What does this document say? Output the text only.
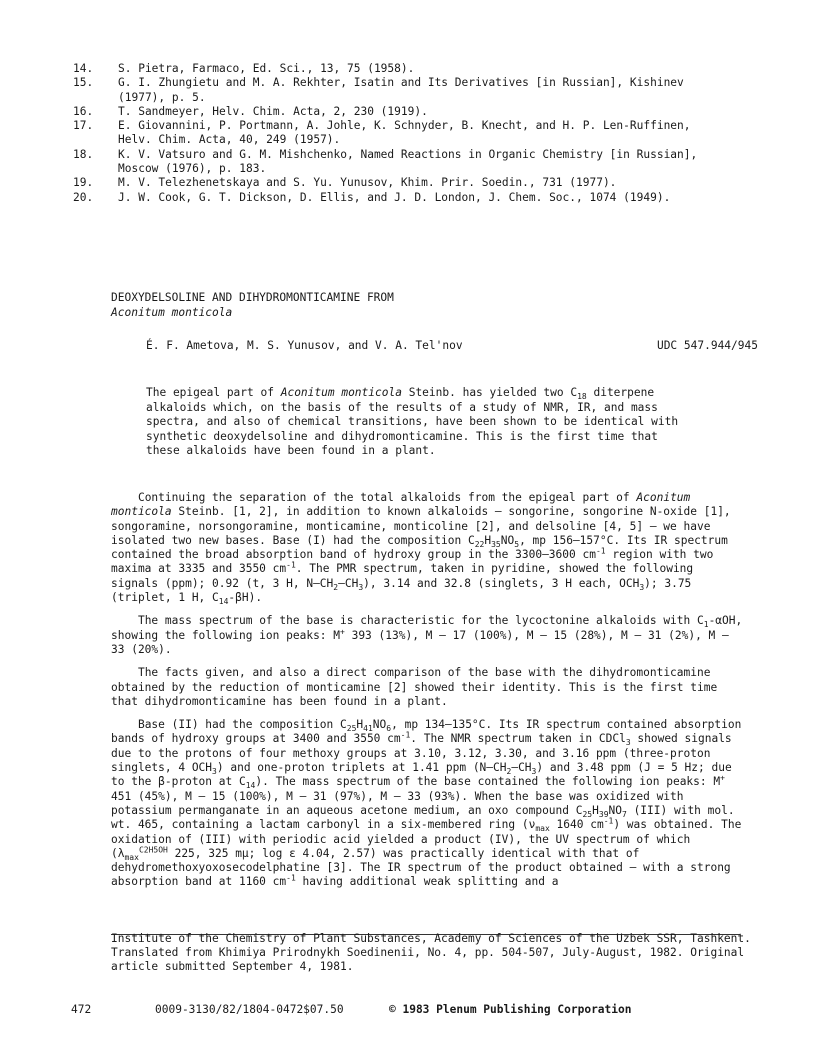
14.	S. Pietra, Farmaco, Ed. Sci., 13, 75 (1958).
15.	G. I. Zhungietu and M. A. Rekhter, Isatin and Its Derivatives [in Russian], Kishinev
(1977), p. 5.
16.	T. Sandmeyer, Helv. Chim. Acta, 2, 230 (1919).
17.	E. Giovannini, P. Portmann, A. Johle, K. Schnyder, B. Knecht, and H. P. Len-Ruffinen,
Helv. Chim. Acta, 40, 249 (1957).
18.	K. V. Vatsuro and G. M. Mishchenko, Named Reactions in Organic Chemistry [in Russian],
Moscow (1976), p. 183.
19.	M. V. Telezhenetskaya and S. Yu. Yunusov, Khim. Prir. Soedin., 731 (1977).
20.	J. W. Cook, G. T. Dickson, D. Ellis, and J. D. London, J. Chem. Soc., 1074 (1949).
DEOXYDELSOLINE AND DIHYDROMONTICAMINE FROM
Aconitum monticola
É. F. Ametova, M. S. Yunusov, and V. A. Tel'nov	UDC 547.944/945
The epigeal part of Aconitum monticola Steinb. has yielded two $C_{18}$ diterpene alkaloids which, on the basis of the results of a study of NMR, IR, and mass spectra, and also of chemical transitions, have been shown to be identical with synthetic deoxydelsoline and dihydromonticamine. This is the first time that these alkaloids have been found in a plant.

Continuing the separation of the total alkaloids from the epigeal part of Aconitum monticola Steinb. [1, 2], in addition to known alkaloids — songorine, songorine N-oxide [1], songoramine, norsongoramine, monticamine, monticoline [2], and delsoline [4, 5] — we have isolated two new bases. Base (I) had the composition $C_{22}H_{35}NO_5$, mp 156–157°C. Its IR spectrum contained the broad absorption band of hydroxy group in the 3300–3600 $cm^{-1}$ region with two maxima at 3335 and 3550 $cm^{-1}$. The PMR spectrum, taken in pyridine, showed the following signals (ppm); 0.92 (t, 3 H, $N—CH_2—CH_3$), 3.14 and 32.8 (singlets, 3 H each, $OCH_3$); 3.75 (triplet, 1 H, $C_{14}-\beta H$).

The mass spectrum of the base is characteristic for the lycoctonine alkaloids with $C_1$-αOH, showing the following ion peaks: M+ 393 (13%), M — 17 (100%), M — 15 (28%), M — 31 (2%), M — 33 (20%).

The facts given, and also a direct comparison of the base with the dihydromonticamine obtained by the reduction of monticamine [2] showed their identity. This is the first time that dihydromonticamine has been found in a plant.

Base (II) had the composition $C_{25}H_{41}NO_6$, mp 134–135°C. Its IR spectrum contained absorption bands of hydroxy groups at 3400 and 3550 $cm^{-1}$. The NMR spectrum taken in CDCl$_3$ showed signals due to the protons of four methoxy groups at 3.10, 3.12, 3.30, and 3.16 ppm (three-proton singlets, 4 $OCH_3$) and one-proton triplets at 1.41 ppm $(N—CH_2—CH_3)$ and 3.48 ppm (J = 5 Hz; due to the β-proton at $C_{14}$). The mass spectrum of the base contained the following ion peaks: M+ 451 (45%), M — 15 (100%), M — 31 (97%), M — 33 (93%). When the base was oxidized with potassium permanganate in an aqueous acetone medium, an oxo compound $C_{25}H_{39}NO_7$ (III) with mol. wt. 465, containing a lactam carbonyl in a six-membered ring ($\nu_{max}$ 1640 $cm^{-1}$) was obtained. The oxidation of (III) with periodic acid yielded a product (IV), the UV spectrum of which ($\lambda_{max}^{C2H5OH}$ 225, 325 mμ; log ε 4.04, 2.57) was practically identical with that of dehydromethoxyoxosecodelphatine [3]. The IR spectrum of the product obtained — with a strong absorption band at 1160 $cm^{-1}$ having additional weak splitting and a

Institute of the Chemistry of Plant Substances, Academy of Sciences of the Uzbek SSR, Tashkent. Translated from Khimiya Prirodnykh Soedinenii, No. 4, pp. 504-507, July-August, 1982. Original article submitted September 4, 1981.
472	0009-3130/82/1804-0472$07.50	© 1983 Plenum Publishing Corporation
